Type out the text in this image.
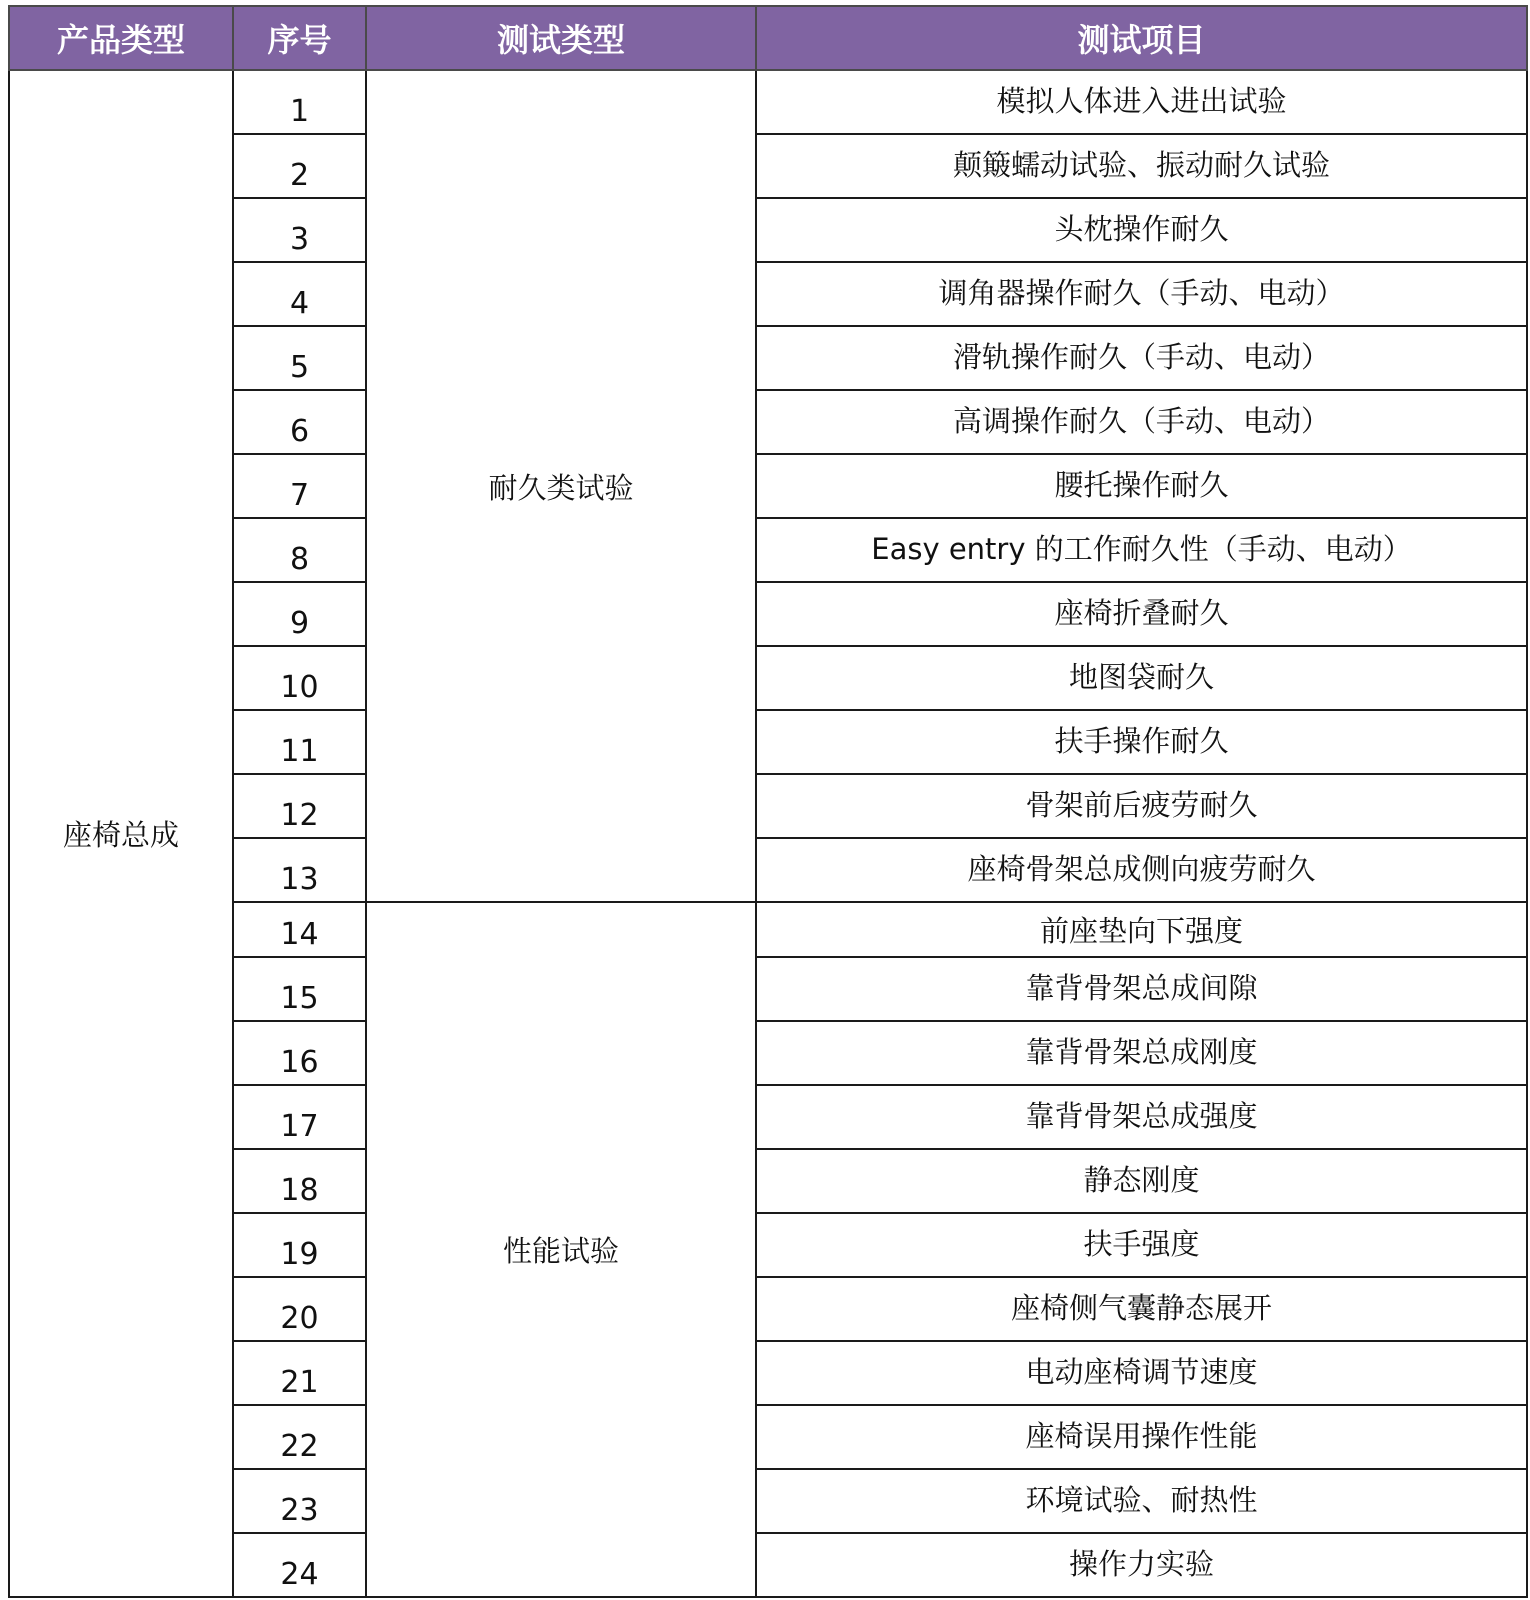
产品类型	序号	测试类型	测试项目
座椅总成	1	耐久类试验	模拟人体进入进出试验
	2		颠簸蠕动试验、振动耐久试验
	3		头枕操作耐久
	4		调角器操作耐久（手动、电动）
	5		滑轨操作耐久（手动、电动）
	6		高调操作耐久（手动、电动）
	7		腰托操作耐久
	8		Easy entry 的工作耐久性（手动、电动）
	9		座椅折叠耐久
	10		地图袋耐久
	11		扶手操作耐久
	12		骨架前后疲劳耐久
	13		座椅骨架总成侧向疲劳耐久
	14	性能试验	前座垫向下强度
	15		靠背骨架总成间隙
	16		靠背骨架总成刚度
	17		靠背骨架总成强度
	18		静态刚度
	19		扶手强度
	20		座椅侧气囊静态展开
	21		电动座椅调节速度
	22		座椅误用操作性能
	23		环境试验、耐热性
	24		操作力实验
